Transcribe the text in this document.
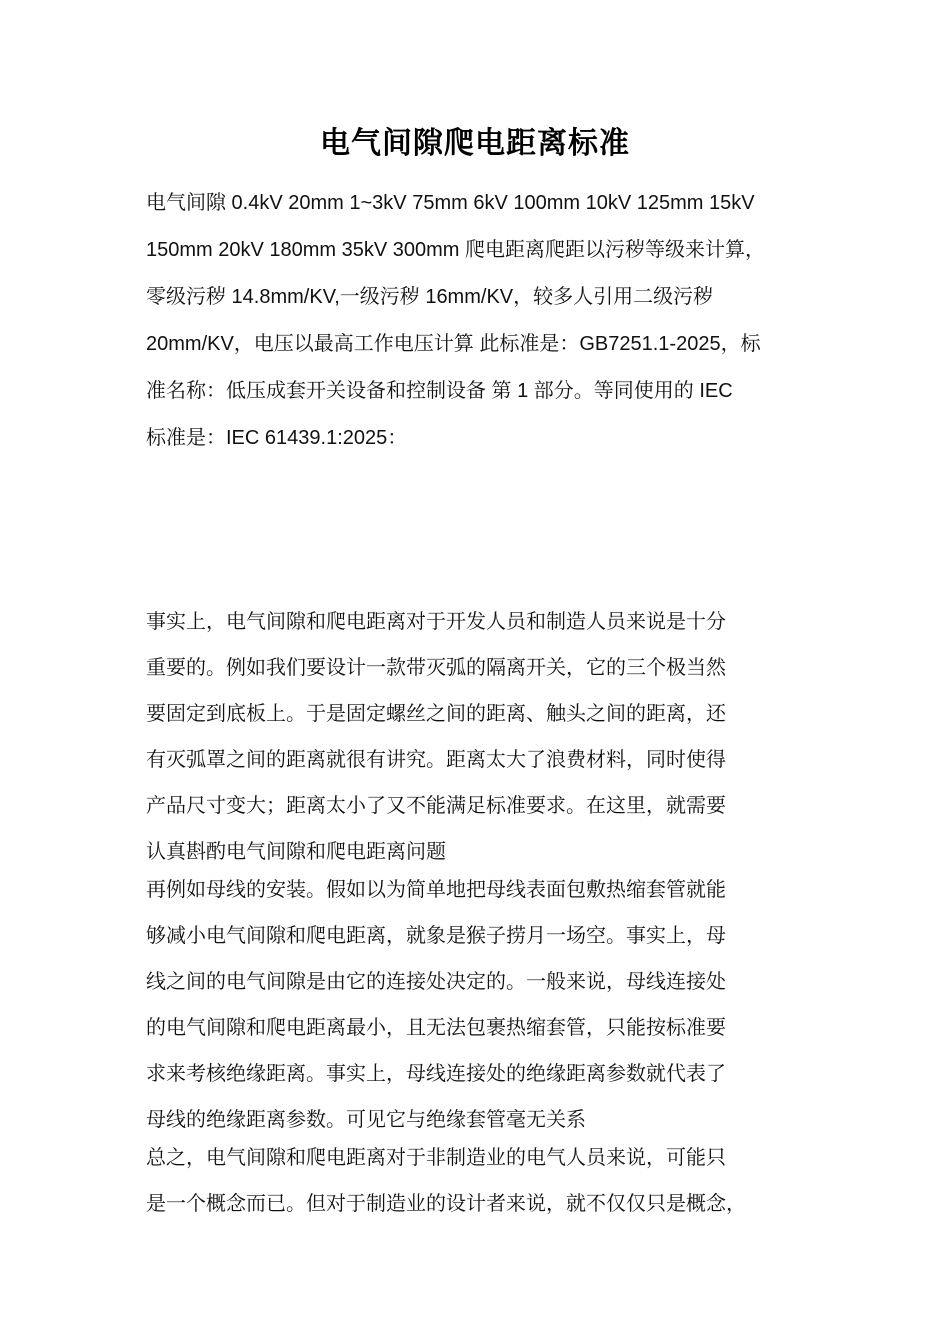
电气间隙爬电距离标准
电气间隙 0.4kV 20mm 1~3kV 75mm 6kV 100mm 10kV 125mm 15kV
150mm 20kV 180mm 35kV 300mm 爬电距离爬距以污秽等级来计算，
零级污秽 14.8mm/KV,一级污秽 16mm/KV，较多人引用二级污秽
20mm/KV，电压以最高工作电压计算 此标准是：GB7251.1-2025，标
准名称：低压成套开关设备和控制设备 第 1 部分。等同使用的 IEC
标准是：IEC 61439.1:2025：
事实上，电气间隙和爬电距离对于开发人员和制造人员来说是十分
重要的。例如我们要设计一款带灭弧的隔离开关，它的三个极当然
要固定到底板上。于是固定螺丝之间的距离、触头之间的距离，还
有灭弧罩之间的距离就很有讲究。距离太大了浪费材料，同时使得
产品尺寸变大；距离太小了又不能满足标准要求。在这里，就需要
认真斟酌电气间隙和爬电距离问题
再例如母线的安装。假如以为简单地把母线表面包敷热缩套管就能
够减小电气间隙和爬电距离，就象是猴子捞月一场空。事实上，母
线之间的电气间隙是由它的连接处决定的。一般来说，母线连接处
的电气间隙和爬电距离最小，且无法包裹热缩套管，只能按标准要
求来考核绝缘距离。事实上，母线连接处的绝缘距离参数就代表了
母线的绝缘距离参数。可见它与绝缘套管毫无关系
总之，电气间隙和爬电距离对于非制造业的电气人员来说，可能只
是一个概念而已。但对于制造业的设计者来说，就不仅仅只是概念，
